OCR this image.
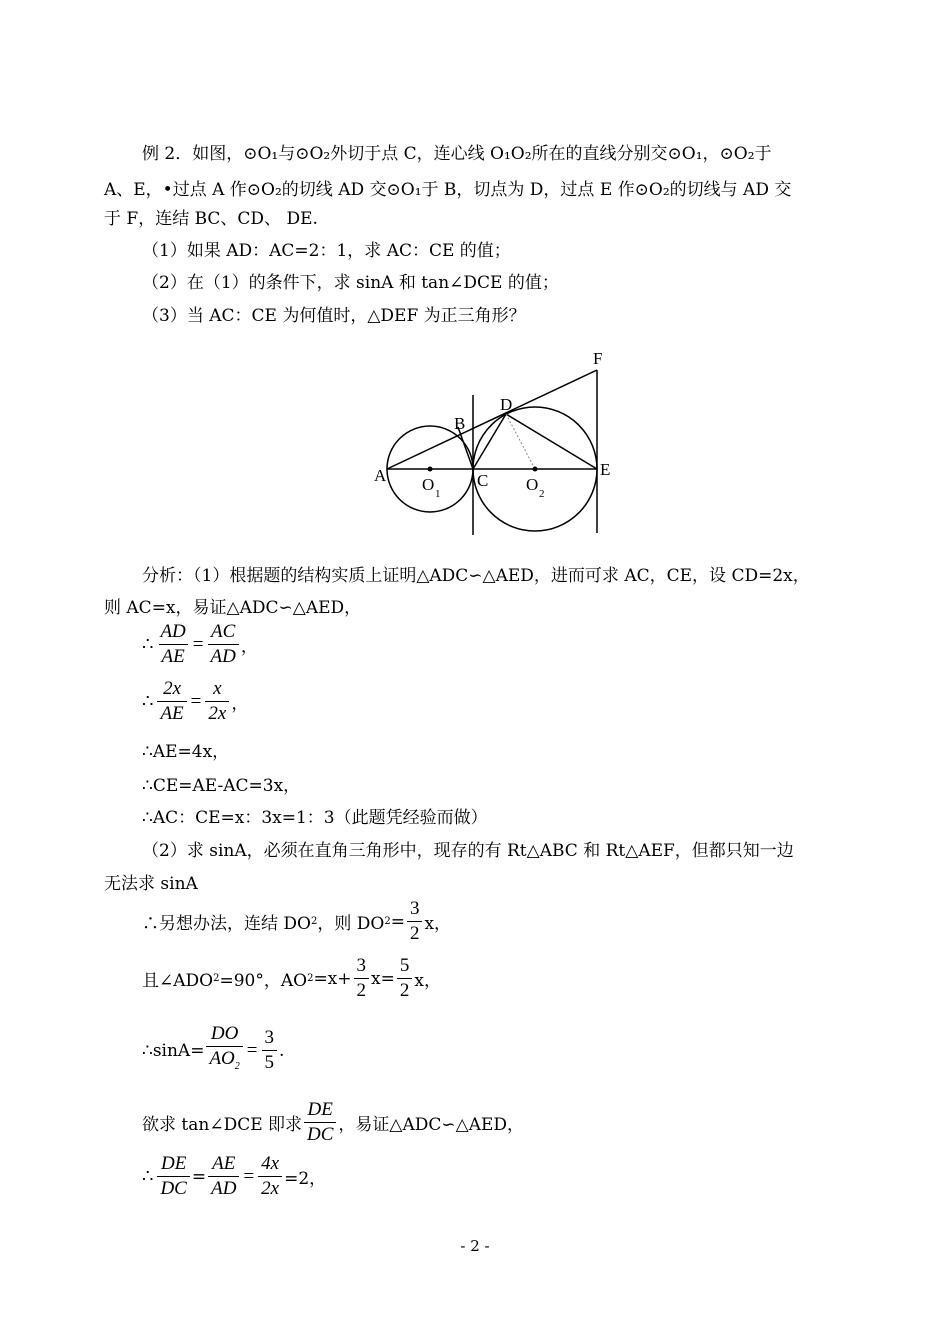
例 2．如图，⊙O₁与⊙O₂外切于点 C，连心线 O₁O₂所在的直线分别交⊙O₁，⊙O₂于
A、E，•过点 A 作⊙O₂的切线 AD 交⊙O₁于 B，切点为 D，过点 E 作⊙O₂的切线与 AD 交
于 F，连结 BC、CD、 DE.
（1）如果 AD：AC=2：1，求 AC：CE 的值；
（2）在（1）的条件下，求 sinA 和 tan∠DCE 的值；
（3）当 AC：CE 为何值时，△DEF 为正三角形？
A
B
C
D
E
F
O 1	O 2
分析：（1）根据题的结构实质上证明△ADC∽△AED，进而可求 AC，CE，设 CD=2x，
则 AC=x，易证△ADC∽△AED，
∴ $\frac{AD}{AE} = \frac{AC}{AD}$ ，
∴ $\frac{2x}{AE} = \frac{x}{2x}$ ，
∴AE=4x，
∴CE=AE-AC=3x，
∴AC：CE=x：3x=1：3（此题凭经验而做）
（2）求 sinA，必须在直角三角形中，现存的有 Rt△ABC 和 Rt△AEF，但都只知一边
无法求 sinA
∴另想办法，连结 DO 2 ，则 DO $2 = \frac{3}{2}$ x，
且∠ADO 2 =90°，AO $2 =x+ \frac{3}{2} x= \frac{5}{2}$ x，
∴sinA= $\frac{DO}{AO_2} = \frac{3}{5}$ .
欲求 tan∠DCE 即求 $\frac{DE}{DC}$ ，易证△ADC∽△AED，
∴ $\frac{DE}{DC} = \frac{AE}{AD} = \frac{4x}{2x} =2$，
- 2 -
